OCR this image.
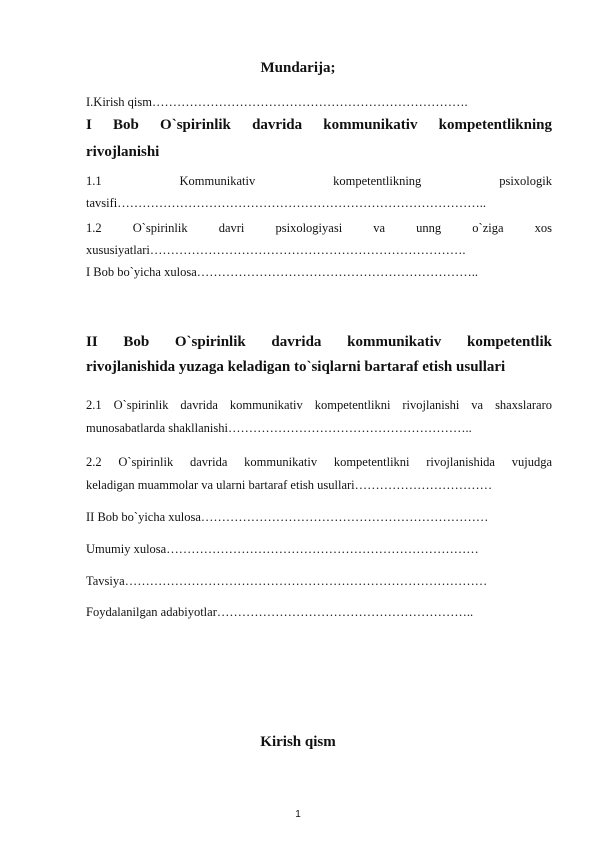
Mundarija;
I.Kirish qism………………………………………………………………….
I Bob O`spirinlik davrida kommunikativ kompetentlikning
rivojlanishi
1.1 Kommunikativ kompetentlikning psixologik
tavsifi……………………………………………………………………………..
1.2 O`spirinlik davri psixologiyasi va unng o`ziga xos
xususiyatlari………………………………………………………………….
I Bob bo`yicha xulosa…………………………………………………………..
II Bob O`spirinlik davrida kommunikativ kompetentlik
rivojlanishida yuzaga keladigan to`siqlarni bartaraf etish usullari
2.1 O`spirinlik davrida kommunikativ kompetentlikni rivojlanishi va shaxslararo
munosabatlarda shakllanishi…………………………………………………..
2.2 O`spirinlik davrida kommunikativ kompetentlikni rivojlanishida vujudga
keladigan muammolar va ularni bartaraf etish usullari……………………………
II Bob bo`yicha xulosa……………………………………………………………
Umumiy xulosa…………………………………………………………………
Tavsiya……………………………………………………………………………
Foydalanilgan adabiyotlar……………………………………………………..
Kirish qism
1
